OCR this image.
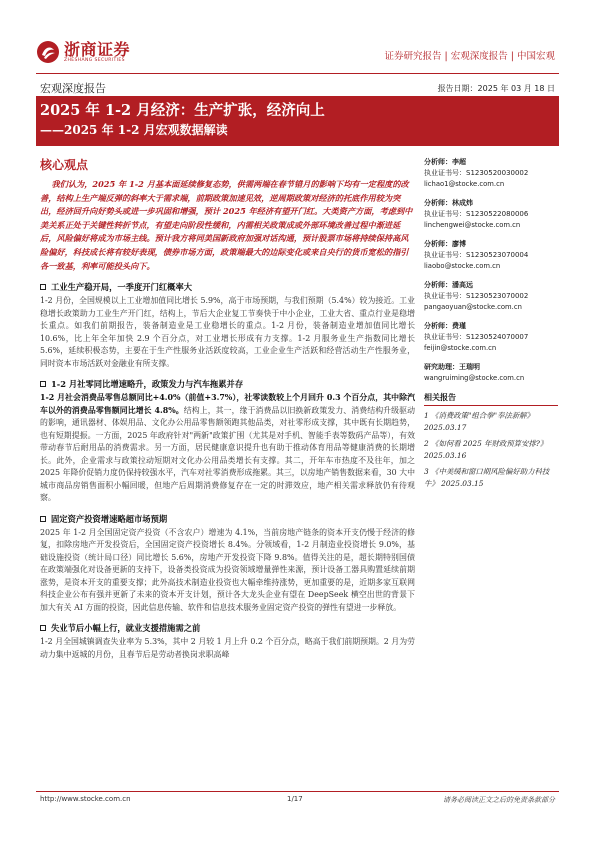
浙商证券
ZHESHANG SECURITIES	证券研究报告 | 宏观深度报告 | 中国宏观
宏观深度报告	报告日期：2025 年 03 月 18 日
2025 年 1-2 月经济：生产扩张，经济向上
——2025 年 1-2 月宏观数据解读
核心观点

我们认为，2025 年 1-2 月基本面延续修复态势，供需两端在春节错月的影响下均有一定程度的改善，结构上生产端反弹的斜率大于需求端，前期政策加速见效，逆周期政策对经济的托底作用较为突出，经济回升向好势头或进一步巩固和增强，预计 2025 年经济有望开门红。大类资产方面，考虑到中美关系正处于关键性转折节点，有望走向阶段性缓和，内需相关政策成或外部环境改善过程中渐进延后，风险偏好将成为市场主线。预计我方将同美国新政府加强对话沟通，预计股票市场将持续保持高风险偏好，科技成长将有较好表现，债券市场方面，政策端最大的边际变化或来自央行的货币宽松的指引各一致基，利率可能投头向下。

工业生产稳开局，一季度开门红概率大

1-2 月份，全国规模以上工业增加值同比增长 5.9%，高于市场预期，与我们预期（5.4%）较为接近。工业稳增长政策助力工业生产开门红，结构上，节后大企业复工节奏快于中小企业，工业大省、重点行业是稳增长重点。如我们前期报告，装备制造业是工业稳增长的重点。1-2 月份，装备制造业增加值同比增长 10.6%，比上年全年加快 2.9 个百分点，对工业增长形成有力支撑。1-2 月服务业生产指数同比增长 5.6%，延续积极态势，主要在于生产性服务业活跃度较高，工业企业生产活跃和经营活动生产性服务业，同时资本市场活跃对金融业有所支撑。

1-2 月社零同比增速略升，政策发力与汽车拖累并存

1-2 月社会消费品零售总额同比+4.0%（前值+3.7%），社零读数较上个月回升 0.3 个百分点，其中除汽车以外的消费品零售额同比增长 4.8%。结构上，其一，缘于消费品以旧换新政策发力、消费结构升级驱动的影响，通讯器材、体娱用品、文化办公用品零售额领跑其他品类，对社零形成支撑，其中既有长期趋势，也有短期提振。一方面，2025 年政府针对"两新"政策扩围（尤其是对手机、智能手表等数码产品等），有效带动春节后耐用品的消费需求。另一方面，居民健康意识提升也有助于推动体育用品等健康消费的长期增长。此外，企业需求与政策拉动短期对文化办公用品类增长有支撑。其二，开年车市热度不及往年，加之 2025 年降价促销力度仍保持较强水平，汽车对社零消费形成拖累。其三，以房地产销售数据来看，30 大中城市商品房销售面积小幅回暖，但地产后周期消费修复存在一定的时滞效应，地产相关需求释放仍有待观察。

固定资产投资增速略超市场预期

2025 年 1-2 月全国固定资产投资（不含农户）增速为 4.1%，当前房地产链条的资本开支仍慢于经济的修复，扣除房地产开发投资后，全国固定资产投资增长 8.4%。分领域看，1-2 月制造业投资增长 9.0%，基础设施投资（统计局口径）同比增长 5.6%，房地产开发投资下降 9.8%。值得关注的是，超长期特别国债在政策端强化对设备更新的支持下，设备类投资成为投资领域增量弹性来源，预计设备工器具购置延续前期涨势，是资本开支的重要支撑；此外高技术制造业投资也大幅牵维持涨势，更加重要的是，近期多家互联网科技企业公布有强并更新了未来的资本开支计划，预计各大龙头企业有望在 DeepSeek 横空出世的背景下加大有关 AI 方面的投资，因此信息传输、软件和信息技术服务业固定资产投资的弹性有望进一步释放。

失业节后小幅上行，就业支援措施需之前

1-2 月全国城镇调查失业率为 5.3%，其中 2 月较 1 月上升 0.2 个百分点，略高于我们前期预期。2 月为劳动力集中返城的月份，且春节后是劳动者换岗求职高峰

分析师：李超
执业证书号：S1230520030002
lichao1@stocke.com.cn
分析师：林成炜
执业证书号：S1230522080006
linchengwei@stocke.com.cn
分析师：廖博
执业证书号：S1230523070004
liaobo@stocke.com.cn
分析师：潘高远
执业证书号：S1230523070002
pangaoyuan@stocke.com.cn
分析师：费瑾
执业证书号：S1230524070007
feijin@stocke.com.cn
研究助理：王瑞明
wangruiming@stocke.com.cn
相关报告
1 《消费政策"组合拳"奉法新解》 2025.03.17
2 《如何看 2025 年财政预算安排?》 2025.03.16
3 《中美缓和窗口期风险偏好助力科技牛》 2025.03.15
http://www.stocke.com.cn	1/17	请务必阅读正文之后的免责条款部分
